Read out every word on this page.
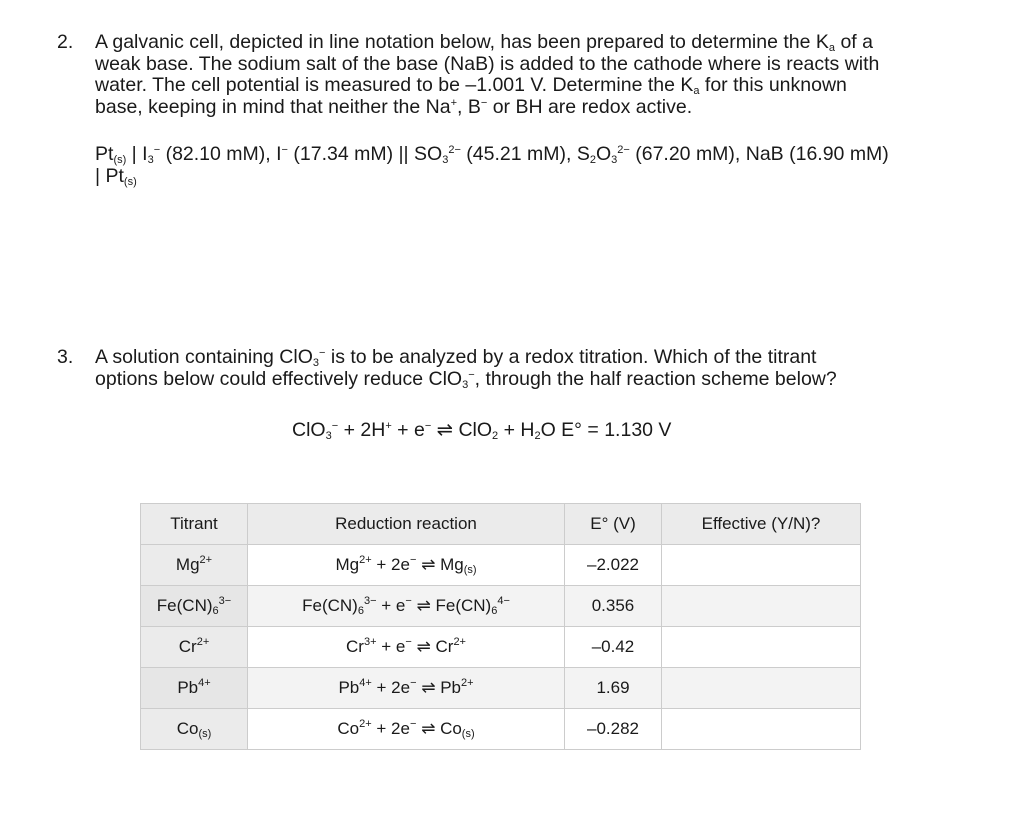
2. A galvanic cell, depicted in line notation below, has been prepared to determine the $K_a$ of a

weak base. The sodium salt of the base (NaB) is added to the cathode where is reacts with

water. The cell potential is measured to be –1.001 V. Determine the $K_a$ for this unknown

base, keeping in mind that neither the Na+, B− or BH are redox active.

$Pt_{(s)}$ | $I_3^-$ (82.10 mM), I− (17.34 mM) || $SO_3^{2-}$ (45.21 mM), $S_2O_3^{2-}$ (67.20 mM), NaB (16.90 mM)

| $Pt_{(s)}$

3. A solution containing ClO$_3$− is to be analyzed by a redox titration. Which of the titrant

options below could effectively reduce ClO$_3$−, through the half reaction scheme below?

ClO$_3$− + 2H+ + e− ⇌ $ClO_2 + H_2O$ E° = 1.130 V
Titrant	Reduction reaction	E° (V)	Effective (Y/N)?
$Mg^{2+}$	$Mg^{2+} + 2e^-$ ⇌ $Mg_{(s)}$	–2.022	
$Fe(CN)_6^{3-}$	$Fe(CN)_6^{3-} + e^-$ ⇌ $Fe(CN)_6^{4-}$	0.356	
$Cr^{2+}$	$Cr^{3+} + e^-$ ⇌ $Cr^{2+}$	–0.42	
$Pb^{4+}$	$Pb^{4+} + 2e^-$ ⇌ $Pb^{2+}$	1.69	
$Co_{(s)}$	$Co^{2+} + 2e^-$ ⇌ $Co_{(s)}$	–0.282	
